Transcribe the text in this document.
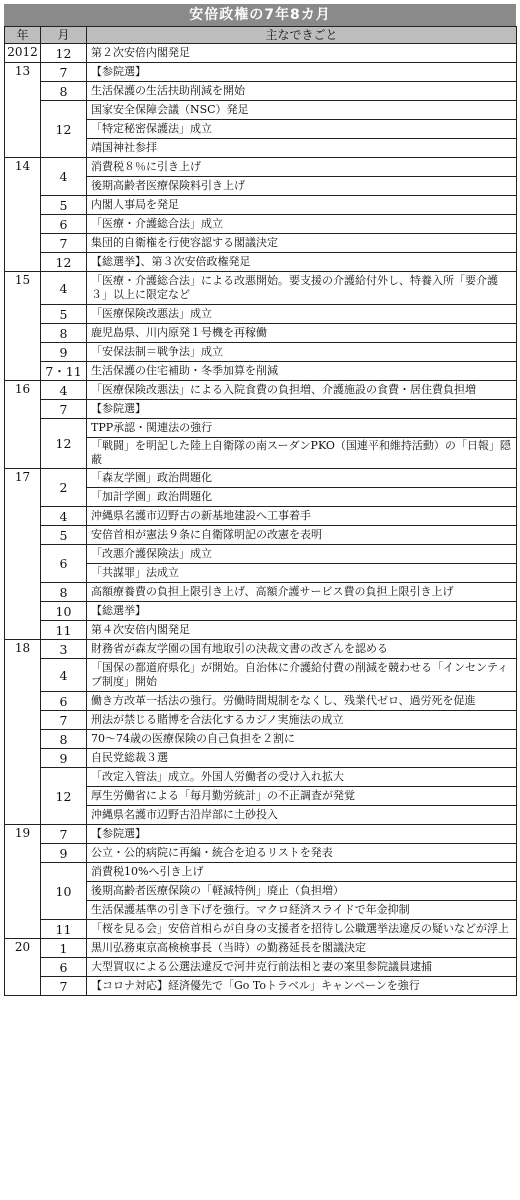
安倍政権の7年8カ月
年	月	主なできごと
2012	12	第２次安倍内閣発足
13	7	【参院選】
	8	生活保護の生活扶助削減を開始
	12	国家安全保障会議（NSC）発足
		「特定秘密保護法」成立
		靖国神社参拝
14	4	消費税８％に引き上げ
		後期高齢者医療保険料引き上げ
	5	内閣人事局を発足
	6	「医療・介護総合法」成立
	7	集団的自衛権を行使容認する閣議決定
	12	【総選挙】、第３次安倍政権発足
15	4	「医療・介護総合法」による改悪開始。要支援の介護給付外し、特養入所「要介護３」以上に限定など
	5	「医療保険改悪法」成立
	8	鹿児島県、川内原発１号機を再稼働
	9	「安保法制＝戦争法」成立
	7・11	生活保護の住宅補助・冬季加算を削減
16	4	「医療保険改悪法」による入院食費の負担増、介護施設の食費・居住費負担増
	7	【参院選】
	12	TPP承認・関連法の強行
		「戦闘」を明記した陸上自衛隊の南スーダンPKO（国連平和維持活動）の「日報」隠蔽
17	2	「森友学園」政治問題化
		「加計学園」政治問題化
	4	沖縄県名護市辺野古の新基地建設へ工事着手
	5	安倍首相が憲法９条に自衛隊明記の改憲を表明
	6	「改悪介護保険法」成立
		「共謀罪」法成立
	8	高額療養費の負担上限引き上げ、高額介護サービス費の負担上限引き上げ
	10	【総選挙】
	11	第４次安倍内閣発足
18	3	財務省が森友学園の国有地取引の決裁文書の改ざんを認める
	4	「国保の都道府県化」が開始。自治体に介護給付費の削減を競わせる「インセンティブ制度」開始
	6	働き方改革一括法の強行。労働時間規制をなくし、残業代ゼロ、過労死を促進
	7	刑法が禁じる賭博を合法化するカジノ実施法の成立
	8	70～74歳の医療保険の自己負担を２割に
	9	自民党総裁３選
	12	「改定入管法」成立。外国人労働者の受け入れ拡大
		厚生労働省による「毎月勤労統計」の不正調査が発覚
		沖縄県名護市辺野古沿岸部に土砂投入
19	7	【参院選】
	9	公立・公的病院に再編・統合を迫るリストを発表
	10	消費税10%へ引き上げ
		後期高齢者医療保険の「軽減特例」廃止（負担増）
		生活保護基準の引き下げを強行。マクロ経済スライドで年金抑制
	11	「桜を見る会」安倍首相らが自身の支援者を招待し公職選挙法違反の疑いなどが浮上
20	1	黒川弘務東京高検検事長（当時）の勤務延長を閣議決定
	6	大型買収による公選法違反で河井克行前法相と妻の案里参院議員逮捕
	7	【コロナ対応】経済優先で「Go Toトラベル」キャンペーンを強行
